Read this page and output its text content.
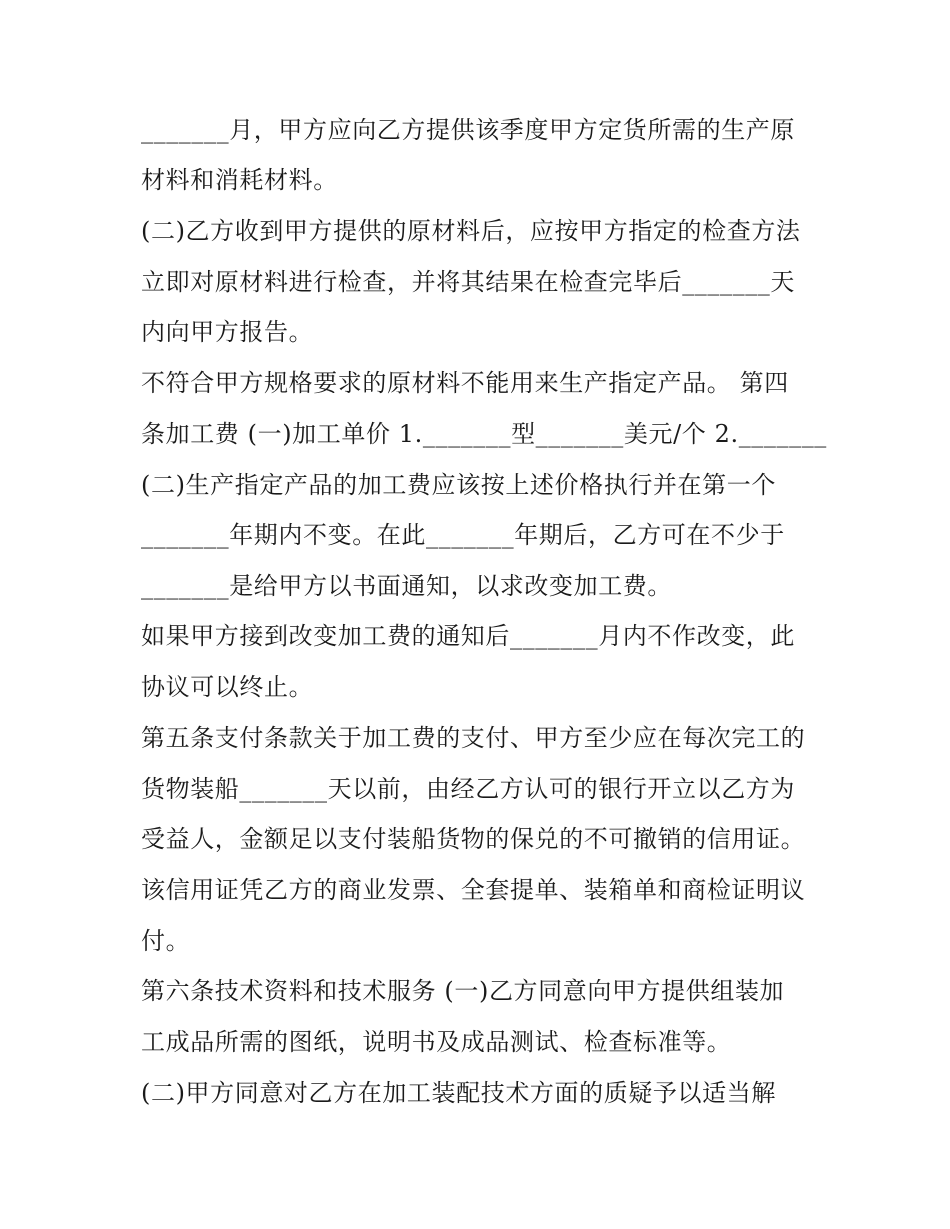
_______月，甲方应向乙方提供该季度甲方定货所需的生产原
材料和消耗材料。
(二)乙方收到甲方提供的原材料后，应按甲方指定的检查方法
立即对原材料进行检查，并将其结果在检查完毕后_______天
内向甲方报告。
不符合甲方规格要求的原材料不能用来生产指定产品。 第四
条加工费 (一)加工单价 1._______型_______美元/个 2._______
(二)生产指定产品的加工费应该按上述价格执行并在第一个
_______年期内不变。在此_______年期后，乙方可在不少于
_______是给甲方以书面通知，以求改变加工费。
如果甲方接到改变加工费的通知后_______月内不作改变，此
协议可以终止。
第五条支付条款关于加工费的支付、甲方至少应在每次完工的
货物装船_______天以前，由经乙方认可的银行开立以乙方为
受益人，金额足以支付装船货物的保兑的不可撤销的信用证。
该信用证凭乙方的商业发票、全套提单、装箱单和商检证明议
付。
第六条技术资料和技术服务 (一)乙方同意向甲方提供组装加
工成品所需的图纸，说明书及成品测试、检查标准等。
(二)甲方同意对乙方在加工装配技术方面的质疑予以适当解
